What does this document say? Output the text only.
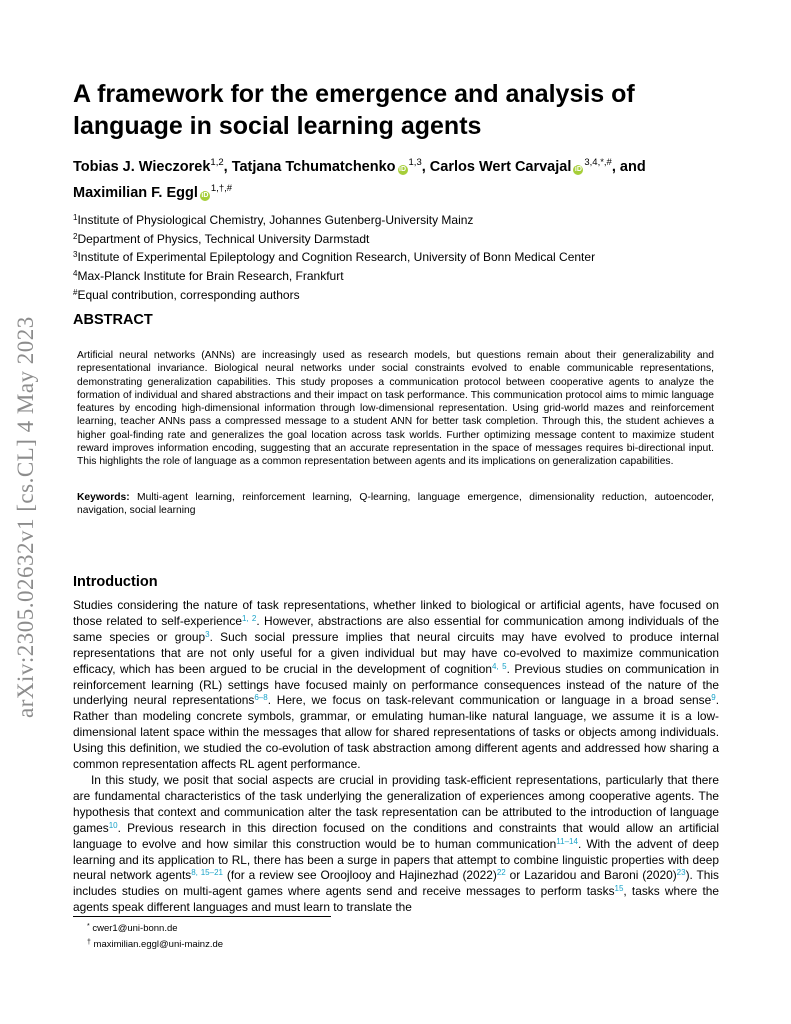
arXiv:2305.02632v1 [cs.CL] 4 May 2023
A framework for the emergence and analysis of language in social learning agents
Tobias J. Wieczorek$^{1,2}$, Tatjana Tchumatchenko iD$^{1,3}$, Carlos Wert Carvajal $iD^{3,4,*,\#}$, and
Maximilian F. Eggl $iD^{1,\dagger,\#}$
$^1$Institute of Physiological Chemistry, Johannes Gutenberg-University Mainz
$^2$Department of Physics, Technical University Darmstadt
$^3$Institute of Experimental Epileptology and Cognition Research, University of Bonn Medical Center
$^4$Max-Planck Institute for Brain Research, Frankfurt
#Equal contribution, corresponding authors
ABSTRACT
Artificial neural networks (ANNs) are increasingly used as research models, but questions remain about their generalizability and representational invariance. Biological neural networks under social constraints evolved to enable communicable representations, demonstrating generalization capabilities. This study proposes a communication protocol between cooperative agents to analyze the formation of individual and shared abstractions and their impact on task performance. This communication protocol aims to mimic language features by encoding high-dimensional information through low-dimensional representation. Using grid-world mazes and reinforcement learning, teacher ANNs pass a compressed message to a student ANN for better task completion. Through this, the student achieves a higher goal-finding rate and generalizes the goal location across task worlds. Further optimizing message content to maximize student reward improves information encoding, suggesting that an accurate representation in the space of messages requires bi-directional input. This highlights the role of language as a common representation between agents and its implications on generalization capabilities.
Keywords: Multi-agent learning, reinforcement learning, Q-learning, language emergence, dimensionality reduction, autoencoder, navigation, social learning
Introduction

Studies considering the nature of task representations, whether linked to biological or artificial agents, have focused on those related to self-experience$^{1, 2}$. However, abstractions are also essential for communication among individuals of the same species or group$^3$. Such social pressure implies that neural circuits may have evolved to produce internal representations that are not only useful for a given individual but may have co-evolved to maximize communication efficacy, which has been argued to be crucial in the development of cognition$^{4, 5}$. Previous studies on communication in reinforcement learning (RL) settings have focused mainly on performance consequences instead of the nature of the underlying neural representations$^{6-8}$. Here, we focus on task-relevant communication or language in a broad sense$^9$. Rather than modeling concrete symbols, grammar, or emulating human-like natural language, we assume it is a low-dimensional latent space within the messages that allow for shared representations of tasks or objects among individuals. Using this definition, we studied the co-evolution of task abstraction among different agents and addressed how sharing a common representation affects RL agent performance.

In this study, we posit that social aspects are crucial in providing task-efficient representations, particularly that there are fundamental characteristics of the task underlying the generalization of experiences among cooperative agents. The hypothesis that context and communication alter the task representation can be attributed to the introduction of language games$^{10}$. Previous research in this direction focused on the conditions and constraints that would allow an artificial language to evolve and how similar this construction would be to human communication$^{11-14}$. With the advent of deep learning and its application to RL, there has been a surge in papers that attempt to combine linguistic properties with deep neural network agents$^{8, 15-21}$ (for a review see Oroojlooy and Hajinezhad (2022)$^{22}$ or Lazaridou and Baroni (2020)$^{23}$). This includes studies on multi-agent games where agents send and receive messages to perform tasks$^{15}$, tasks where the agents speak different languages and must learn to translate the

* cwer1@uni-bonn.de
† maximilian.eggl@uni-mainz.de
